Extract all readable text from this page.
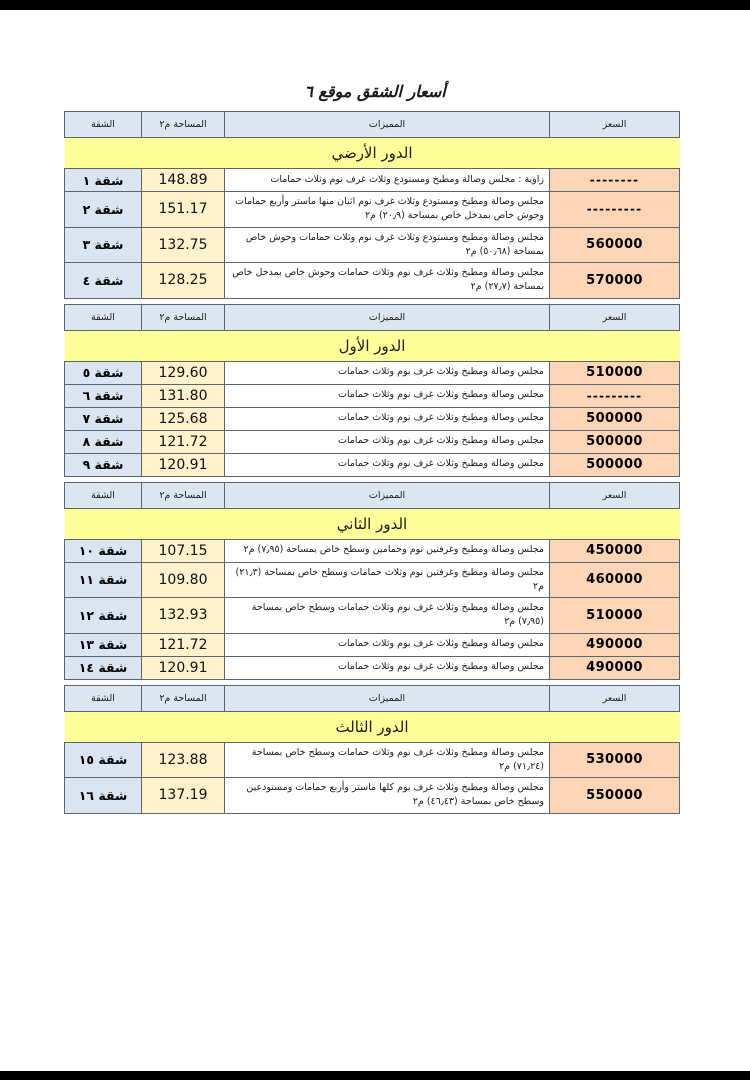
أسعار الشقق موقع ٦
الدور الأرضي			
السعر	المميزات	المساحة م٢	الشقة
--------	زاوية : مجلس وصالة ومطبخ ومستودع وثلاث غرف نوم وثلاث حمامات	148.89	شقة ١
---------	مجلس وصالة ومطبخ ومستودع وثلاث غرف نوم اثنان منها ماستر وأربع حمامات وحوش خاص بمدخل خاص بمساحة (٢٠٫٩) م٢	151.17	شقة ٢
560000	مجلس وصالة ومطبخ ومستودع وثلاث غرف نوم وثلاث حمامات وحوش خاص بمساحة (٥٠٫٦٨) م٢	132.75	شقة ٣
570000	مجلس وصالة ومطبخ وثلاث غرف نوم وثلاث حمامات وحوش خاص بمدخل خاص بمساحة (٢٧٫٧) م٢	128.25	شقة ٤
الدور الأول			
السعر	المميزات	المساحة م٢	الشقة
510000	مجلس وصالة ومطبخ وثلاث غرف نوم وثلاث حمامات	129.60	شقة ٥
---------	مجلس وصالة ومطبخ وثلاث غرف نوم وثلاث حمامات	131.80	شقة ٦
500000	مجلس وصالة ومطبخ وثلاث غرف نوم وثلاث حمامات	125.68	شقة ٧
500000	مجلس وصالة ومطبخ وثلاث غرف نوم وثلاث حمامات	121.72	شقة ٨
500000	مجلس وصالة ومطبخ وثلاث غرف نوم وثلاث حمامات	120.91	شقة ٩
الدور الثاني			
السعر	المميزات	المساحة م٢	الشقة
450000	مجلس وصالة ومطبخ وغرفتين نوم وحمامين وسطح خاص بمساحة (٧٫٩٥) م٢	107.15	شقة ١٠
460000	مجلس وصالة ومطبخ وغرفتين نوم وثلاث حمامات وسطح خاص بمساحة (٢١٫٣) م٢	109.80	شقة ١١
510000	مجلس وصالة ومطبخ وثلاث غرف نوم وثلاث حمامات وسطح خاص بمساحة (٧٫٩٥) م٢	132.93	شقة ١٢
490000	مجلس وصالة ومطبخ وثلاث غرف نوم وثلاث حمامات	121.72	شقة ١٣
490000	مجلس وصالة ومطبخ وثلاث غرف نوم وثلاث حمامات	120.91	شقة ١٤
الدور الثالث			
السعر	المميزات	المساحة م٢	الشقة
530000	مجلس وصالة ومطبخ وثلاث غرف نوم وثلاث حمامات وسطح خاص بمساحة (٧١٫٢٤) م٢	123.88	شقة ١٥
550000	مجلس وصالة ومطبخ وثلاث غرف نوم كلها ماستر وأربع حمامات ومستودعين وسطح خاص بمساحة (٤٦٫٤٣) م٢	137.19	شقة ١٦
